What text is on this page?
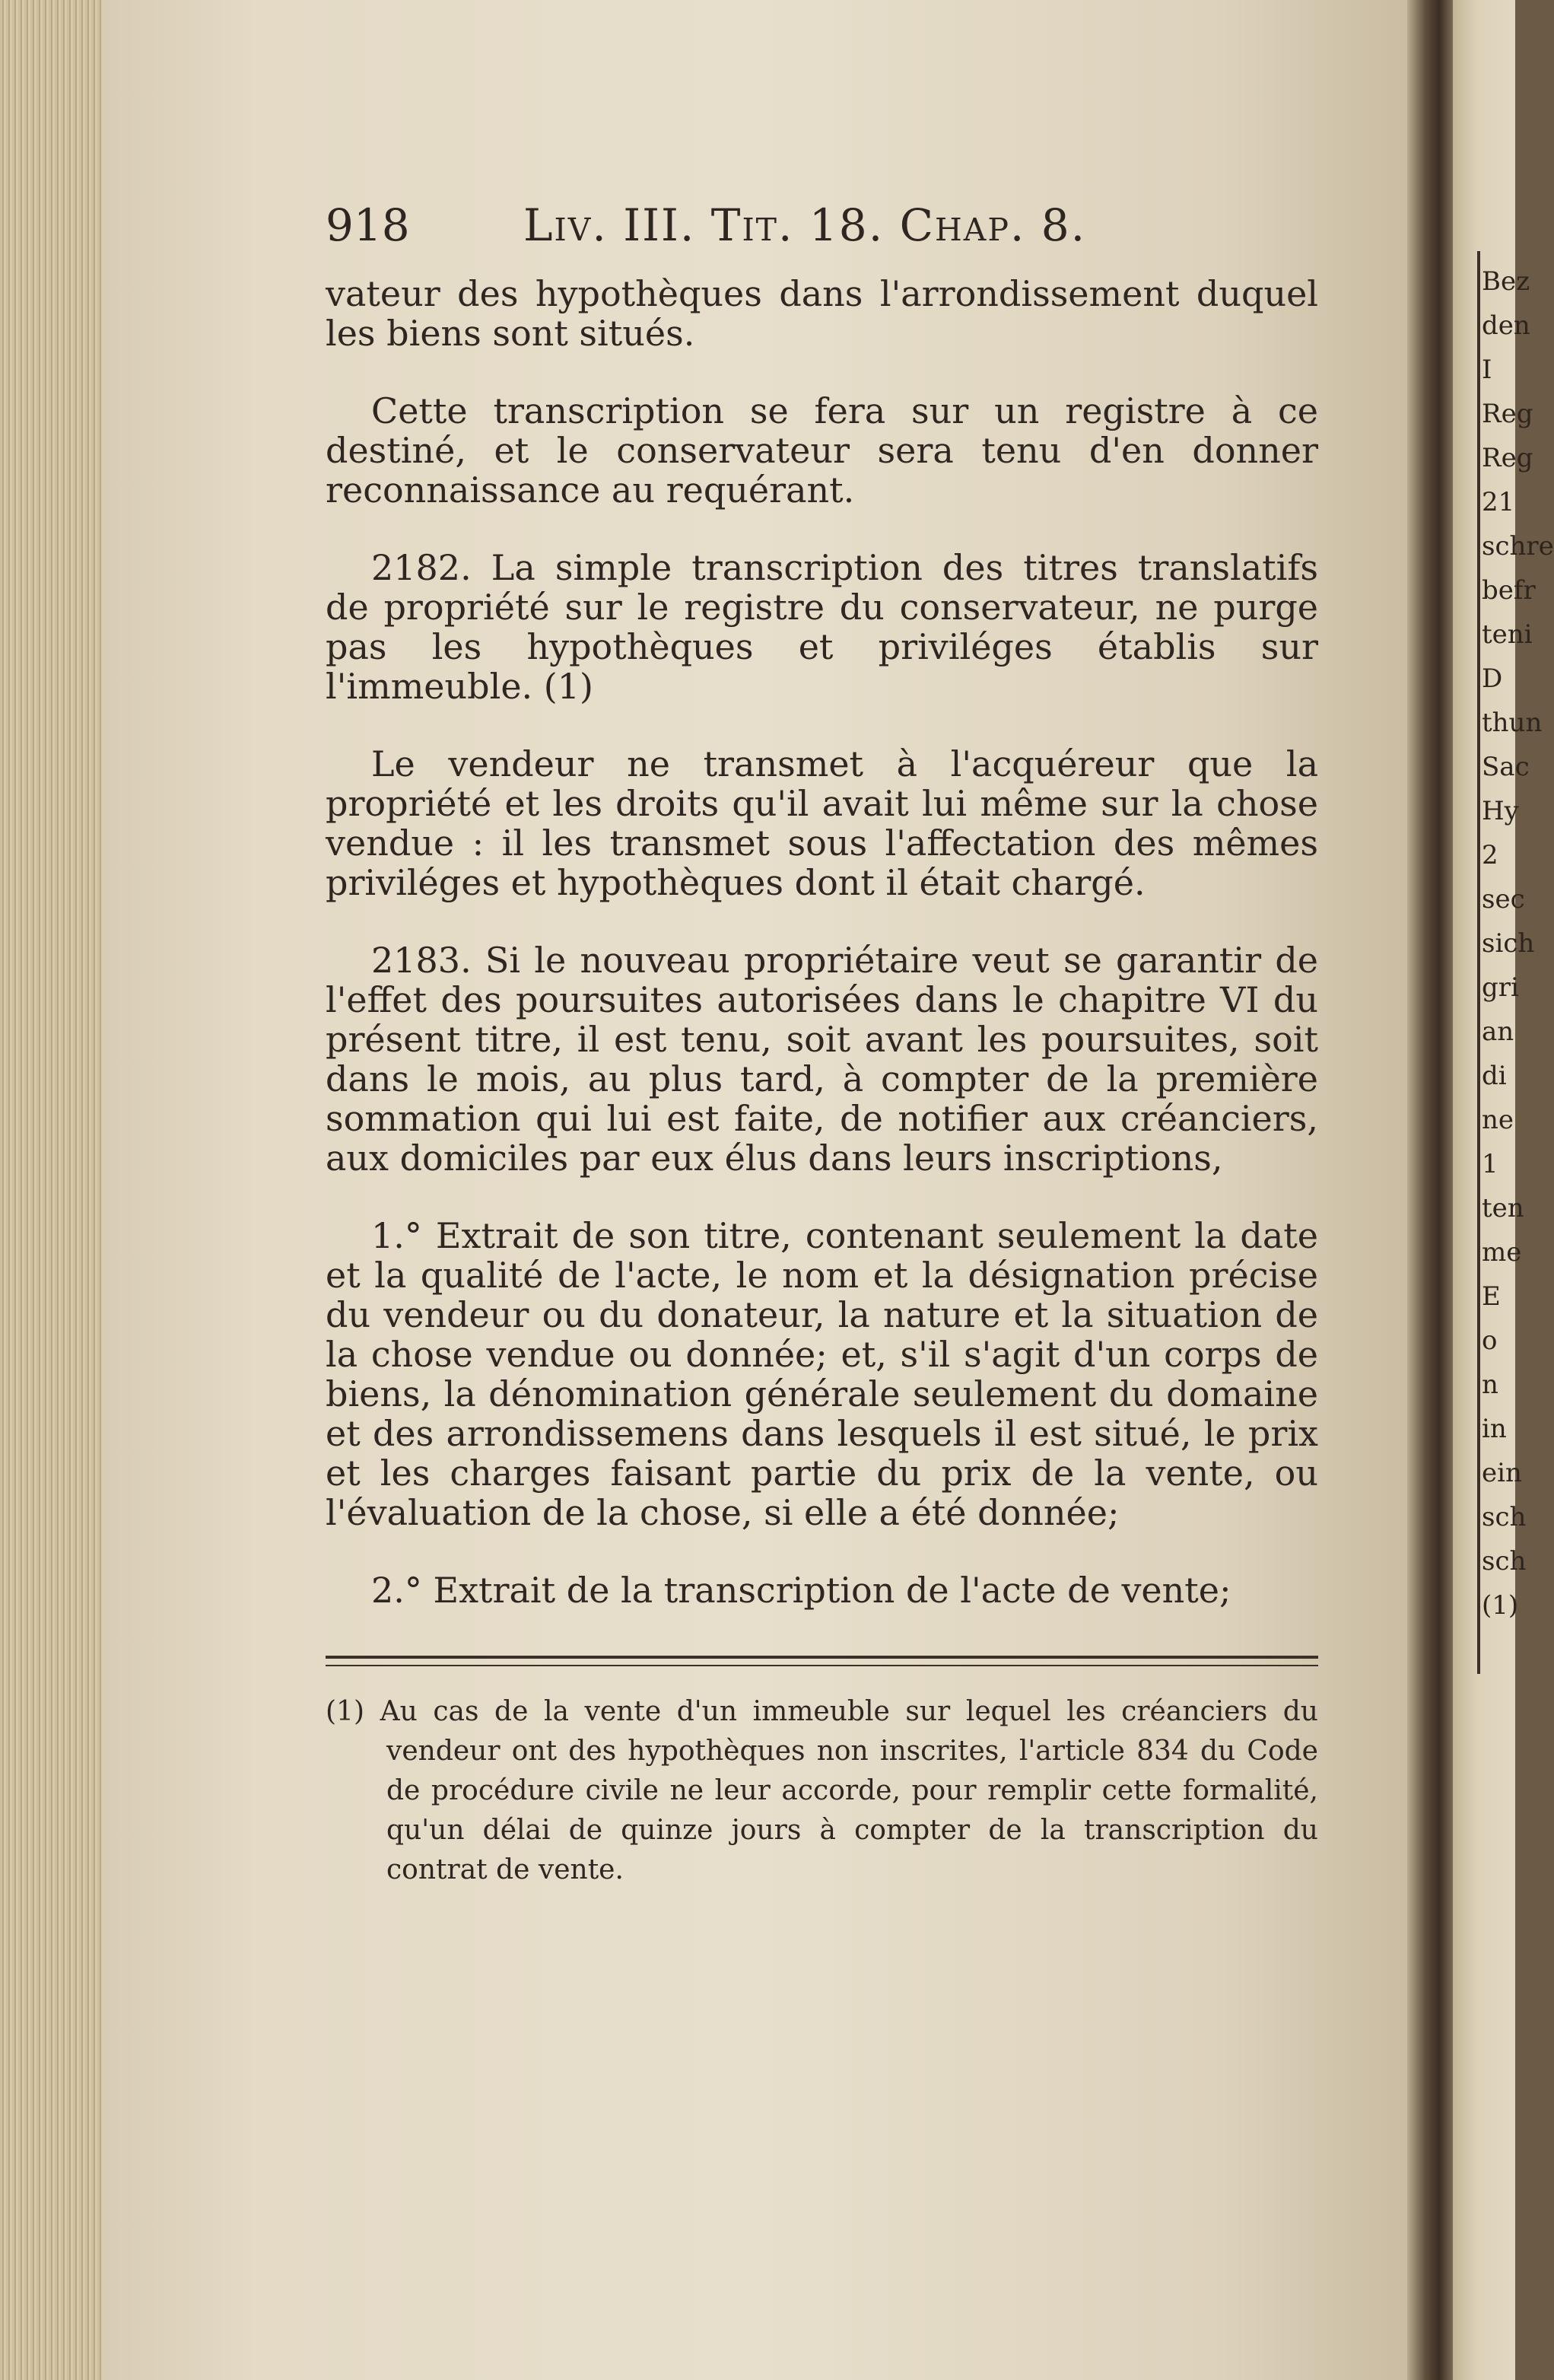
918	Liv. III. Tit. 18. Chap. 8.

vateur des hypothèques dans l'arrondissement duquel les biens sont situés.

Cette transcription se fera sur un registre à ce destiné, et le conservateur sera tenu d'en donner reconnaissance au requérant.

2182. La simple transcription des titres translatifs de propriété sur le registre du conservateur, ne purge pas les hypothèques et priviléges établis sur l'immeuble. (1)

Le vendeur ne transmet à l'acquéreur que la propriété et les droits qu'il avait lui même sur la chose vendue : il les transmet sous l'affectation des mêmes priviléges et hypothèques dont il était chargé.

2183. Si le nouveau propriétaire veut se garantir de l'effet des poursuites autorisées dans le chapitre VI du présent titre, il est tenu, soit avant les poursuites, soit dans le mois, au plus tard, à compter de la première sommation qui lui est faite, de notifier aux créanciers, aux domiciles par eux élus dans leurs inscriptions,

1.° Extrait de son titre, contenant seulement la date et la qualité de l'acte, le nom et la désignation précise du vendeur ou du donateur, la nature et la situation de la chose vendue ou donnée; et, s'il s'agit d'un corps de biens, la dénomination générale seulement du domaine et des arrondissemens dans lesquels il est situé, le prix et les charges faisant partie du prix de la vente, ou l'évaluation de la chose, si elle a été donnée;

2.° Extrait de la transcription de l'acte de vente;

(1) Au cas de la vente d'un immeuble sur lequel les créanciers du vendeur ont des hypothèques non inscrites, l'article 834 du Code de procédure civile ne leur accorde, pour remplir cette formalité, qu'un délai de quinze jours à compter de la transcription du contrat de vente.
Bez
den
I
Reg
Reg
21
schre
befr
teni
D
thun
Sac
Hy
2
sec
sich
gri
an
di
ne
1
ten
me
E
o
n
in
ein
sch
sch
(1)
